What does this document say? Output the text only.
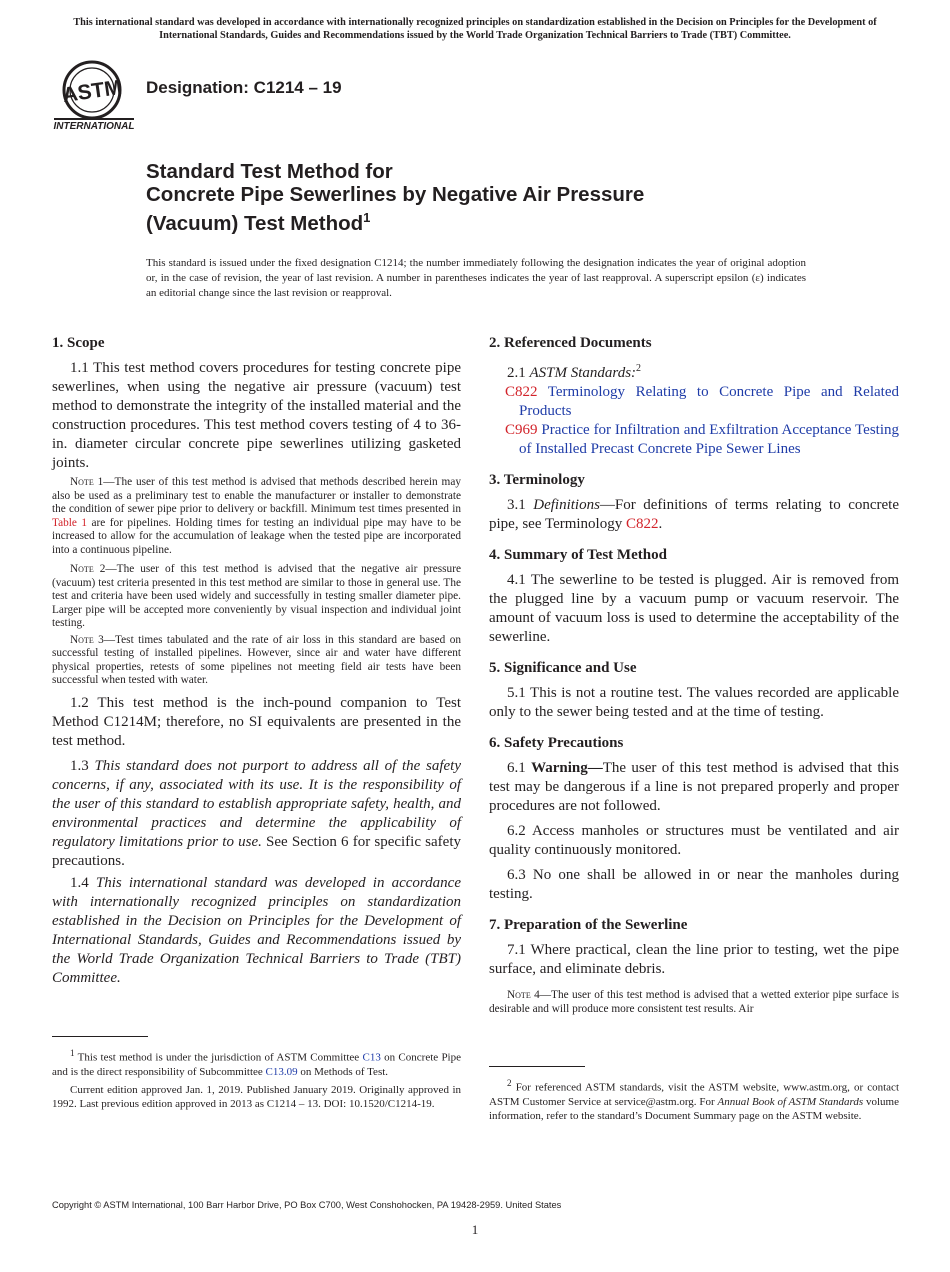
This international standard was developed in accordance with internationally recognized principles on standardization established in the Decision on Principles for the Development of International Standards, Guides and Recommendations issued by the World Trade Organization Technical Barriers to Trade (TBT) Committee.
ASTM
INTERNATIONAL
Designation: C1214 – 19
Standard Test Method for
Concrete Pipe Sewerlines by Negative Air Pressure
(Vacuum) Test Method$^1$
This standard is issued under the fixed designation C1214; the number immediately following the designation indicates the year of original adoption or, in the case of revision, the year of last revision. A number in parentheses indicates the year of last reapproval. A superscript epsilon (ε) indicates an editorial change since the last revision or reapproval.
1. Scope

1.1 This test method covers procedures for testing concrete pipe sewerlines, when using the negative air pressure (vacuum) test method to demonstrate the integrity of the installed material and the construction procedures. This test method covers testing of 4 to 36-in. diameter circular concrete pipe sewerlines utilizing gasketed joints.

Note 1—The user of this test method is advised that methods described herein may also be used as a preliminary test to enable the manufacturer or installer to demonstrate the condition of sewer pipe prior to delivery or backfill. Minimum test times presented in Table 1 are for pipelines. Holding times for testing an individual pipe may have to be increased to allow for the accumulation of leakage when the tested pipe are incorporated into a continuous pipeline.
Note 2—The user of this test method is advised that the negative air pressure (vacuum) test criteria presented in this test method are similar to those in general use. The test and criteria have been used widely and successfully in testing smaller diameter pipe. Larger pipe will be accepted more conveniently by visual inspection and individual joint testing.
Note 3—Test times tabulated and the rate of air loss in this standard are based on successful testing of installed pipelines. However, since air and water have different physical properties, retests of some pipelines not meeting field air tests have been successful when tested with water.

1.2 This test method is the inch-pound companion to Test Method C1214M; therefore, no SI equivalents are presented in the test method.

1.3 This standard does not purport to address all of the safety concerns, if any, associated with its use. It is the responsibility of the user of this standard to establish appropriate safety, health, and environmental practices and determine the applicability of regulatory limitations prior to use. See Section 6 for specific safety precautions.

1.4 This international standard was developed in accordance with internationally recognized principles on standardization established in the Decision on Principles for the Development of International Standards, Guides and Recommendations issued by the World Trade Organization Technical Barriers to Trade (TBT) Committee.

$^1$ This test method is under the jurisdiction of ASTM Committee C13 on Concrete Pipe and is the direct responsibility of Subcommittee C13.09 on Methods of Test.

Current edition approved Jan. 1, 2019. Published January 2019. Originally approved in 1992. Last previous edition approved in 2013 as C1214 – 13. DOI: 10.1520/C1214-19.

2. Referenced Documents

2.1 ASTM Standards:$^2$

C822 Terminology Relating to Concrete Pipe and Related Products
C969 Practice for Infiltration and Exfiltration Acceptance Testing of Installed Precast Concrete Pipe Sewer Lines
3. Terminology

3.1 Definitions—For definitions of terms relating to concrete pipe, see Terminology C822.

4. Summary of Test Method

4.1 The sewerline to be tested is plugged. Air is removed from the plugged line by a vacuum pump or vacuum reservoir. The amount of vacuum loss is used to determine the acceptability of the sewerline.

5. Significance and Use

5.1 This is not a routine test. The values recorded are applicable only to the sewer being tested and at the time of testing.

6. Safety Precautions

6.1 Warning—The user of this test method is advised that this test may be dangerous if a line is not prepared properly and proper procedures are not followed.

6.2 Access manholes or structures must be ventilated and air quality continuously monitored.

6.3 No one shall be allowed in or near the manholes during testing.

7. Preparation of the Sewerline

7.1 Where practical, clean the line prior to testing, wet the pipe surface, and eliminate debris.

Note 4—The user of this test method is advised that a wetted exterior pipe surface is desirable and will produce more consistent test results. Air

$^2$ For referenced ASTM standards, visit the ASTM website, www.astm.org, or contact ASTM Customer Service at service@astm.org. For Annual Book of ASTM Standards volume information, refer to the standard’s Document Summary page on the ASTM website.

Copyright © ASTM International, 100 Barr Harbor Drive, PO Box C700, West Conshohocken, PA 19428-2959. United States
1
